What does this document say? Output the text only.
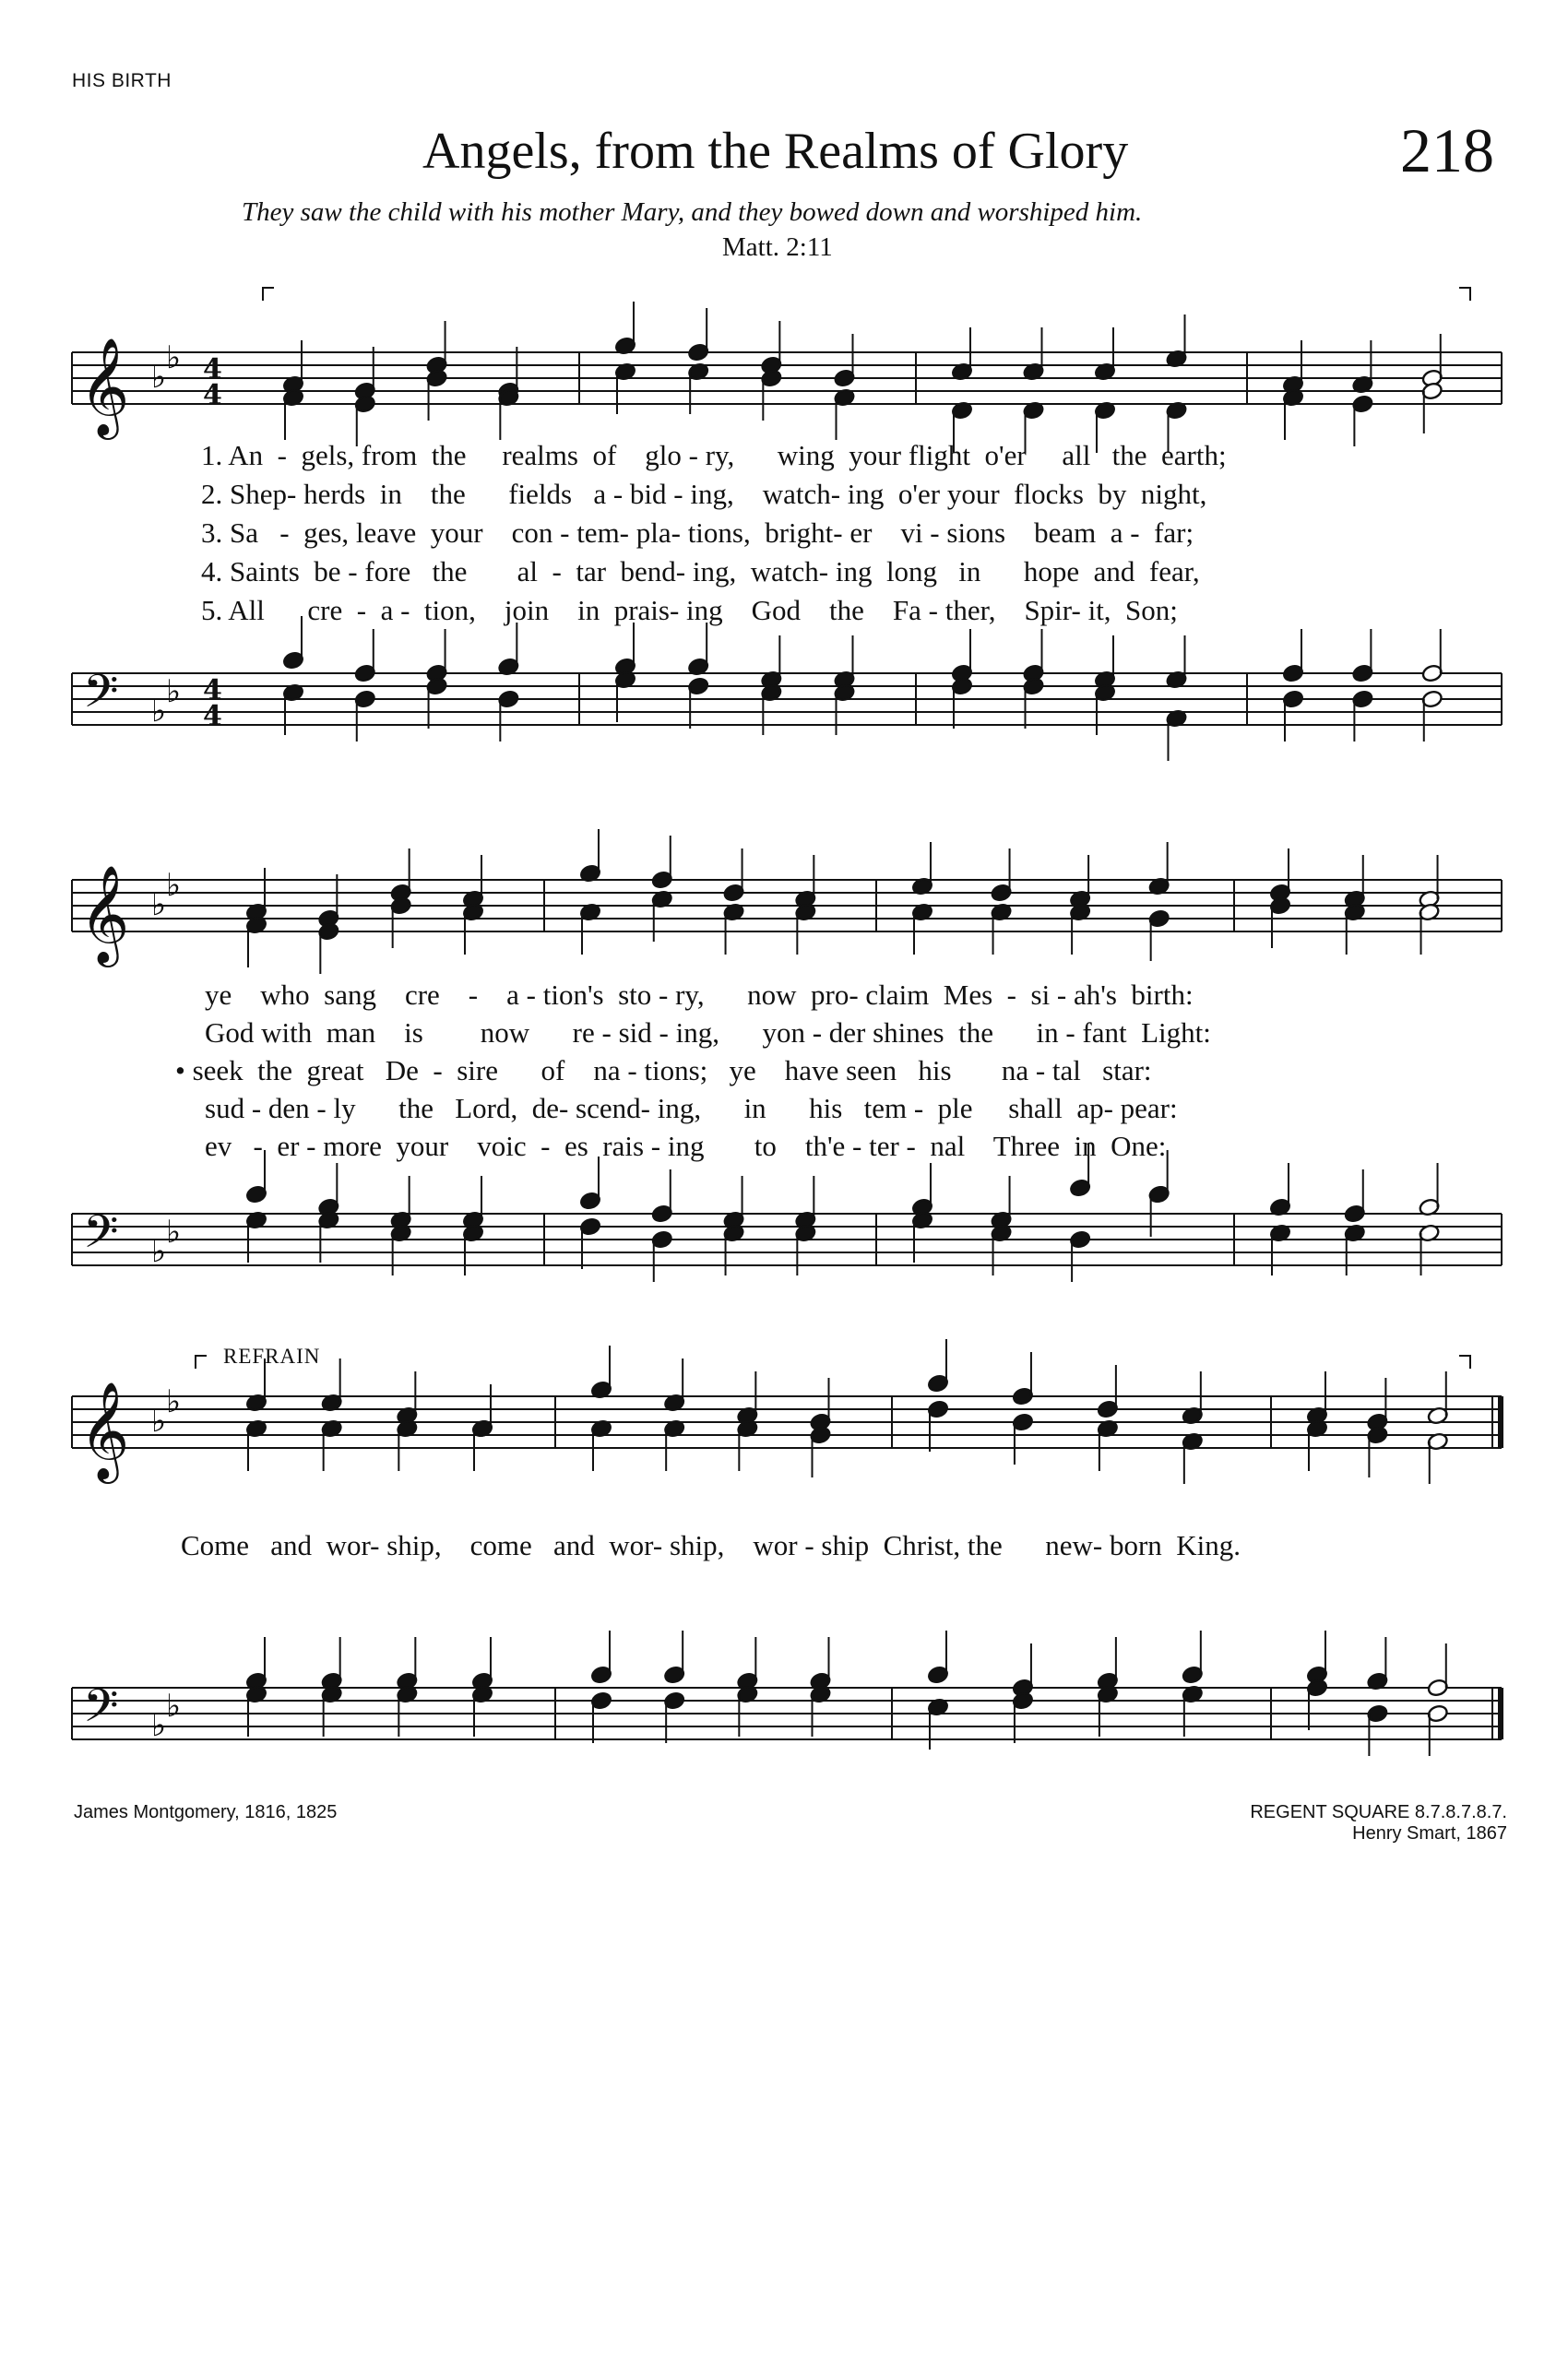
HIS BIRTH
Angels, from the Realms of Glory	218
They saw the child with his mother Mary, and they bowed down and worshiped him.
Matt. 2:11
𝄞
𝄢
♭
♭
♭
♭
4
4
4
4
𝄞
𝄢
♭
♭
♭
♭
𝄞
𝄢
♭
♭
♭
♭
1. An  -  gels, from  the     realms  of    glo - ry,      wing  your flight  o'er     all   the  earth;
2. Shep- herds  in    the      fields   a - bid - ing,    watch- ing  o'er your  flocks  by  night,
3. Sa   -  ges, leave  your    con - tem- pla- tions,  bright- er    vi - sions    beam  a -  far;
4. Saints  be - fore   the       al  -  tar  bend- ing,  watch- ing  long   in      hope  and  fear,
5. All      cre  -  a -  tion,    join    in  prais- ing    God    the    Fa - ther,    Spir- it,  Son;
ye    who  sang    cre    -    a - tion's  sto - ry,      now  pro- claim  Mes  -  si - ah's  birth:
God with  man    is        now      re - sid - ing,      yon - der shines  the      in - fant  Light:
• seek  the  great   De  -  sire      of    na - tions;   ye    have seen   his       na - tal   star:
sud - den - ly      the   Lord,  de- scend- ing,      in      his   tem -  ple     shall  ap- pear:
ev   -  er - more  your    voic  -  es  rais - ing       to    th'e - ter -  nal    Three  in  One:
REFRAIN
Come   and  wor- ship,    come   and  wor- ship,    wor - ship  Christ, the      new- born  King.
James Montgomery, 1816, 1825	REGENT SQUARE 8.7.8.7.8.7.
Henry Smart, 1867
